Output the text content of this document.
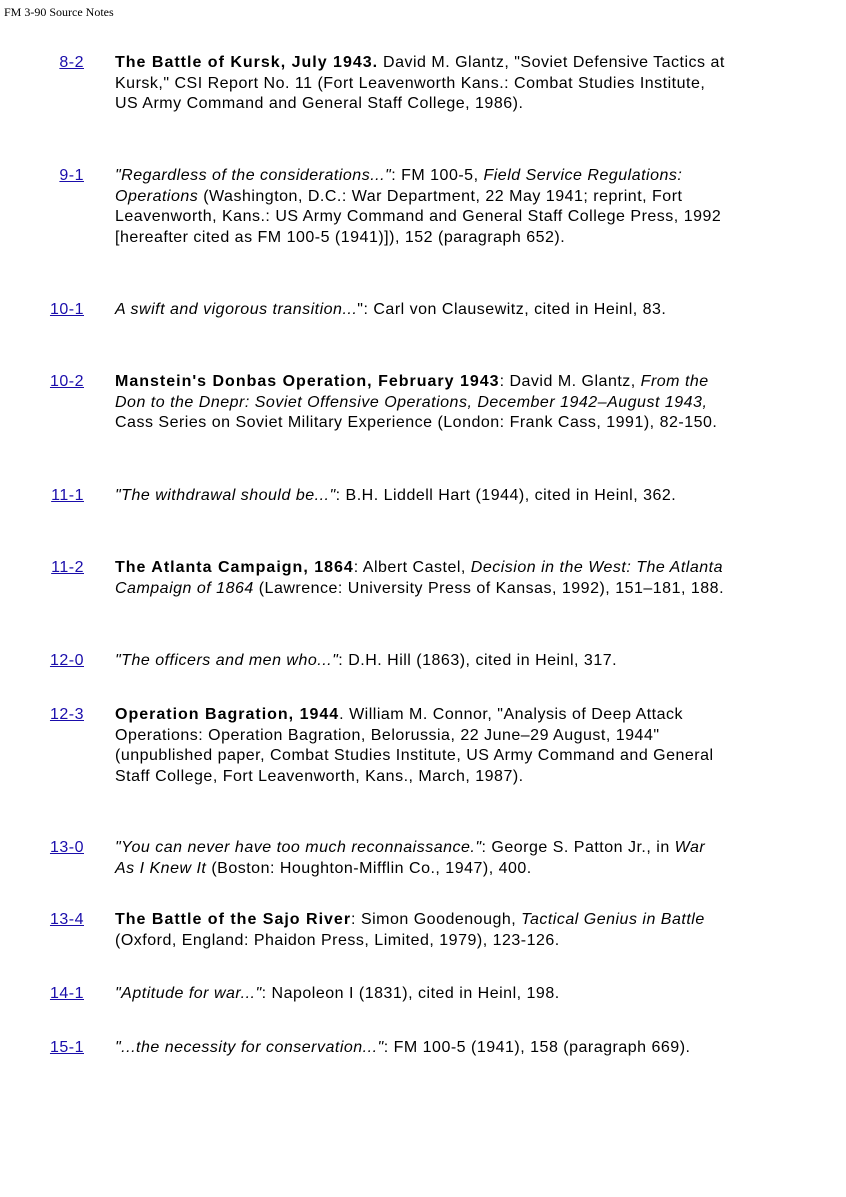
FM 3-90 Source Notes
8-2 The Battle of Kursk, July 1943. David M. Glantz, "Soviet Defensive Tactics at Kursk," CSI Report No. 11 (Fort Leavenworth Kans.: Combat Studies Institute, US Army Command and General Staff College, 1986).
9-1 "Regardless of the considerations...": FM 100-5, Field Service Regulations: Operations (Washington, D.C.: War Department, 22 May 1941; reprint, Fort Leavenworth, Kans.: US Army Command and General Staff College Press, 1992 [hereafter cited as FM 100-5 (1941)]), 152 (paragraph 652).
10-1 A swift and vigorous transition...": Carl von Clausewitz, cited in Heinl, 83.
10-2 Manstein's Donbas Operation, February 1943: David M. Glantz, From the Don to the Dnepr: Soviet Offensive Operations, December 1942–August 1943, Cass Series on Soviet Military Experience (London: Frank Cass, 1991), 82-150.
11-1 "The withdrawal should be...": B.H. Liddell Hart (1944), cited in Heinl, 362.
11-2 The Atlanta Campaign, 1864: Albert Castel, Decision in the West: The Atlanta Campaign of 1864 (Lawrence: University Press of Kansas, 1992), 151–181, 188.
12-0 "The officers and men who...": D.H. Hill (1863), cited in Heinl, 317.
12-3 Operation Bagration, 1944. William M. Connor, "Analysis of Deep Attack Operations: Operation Bagration, Belorussia, 22 June–29 August, 1944" (unpublished paper, Combat Studies Institute, US Army Command and General Staff College, Fort Leavenworth, Kans., March, 1987).
13-0 "You can never have too much reconnaissance.": George S. Patton Jr., in War As I Knew It (Boston: Houghton-Mifflin Co., 1947), 400.
13-4 The Battle of the Sajo River: Simon Goodenough, Tactical Genius in Battle (Oxford, England: Phaidon Press, Limited, 1979), 123-126.
14-1 "Aptitude for war...": Napoleon I (1831), cited in Heinl, 198.
15-1 "...the necessity for conservation...": FM 100-5 (1941), 158 (paragraph 669).
